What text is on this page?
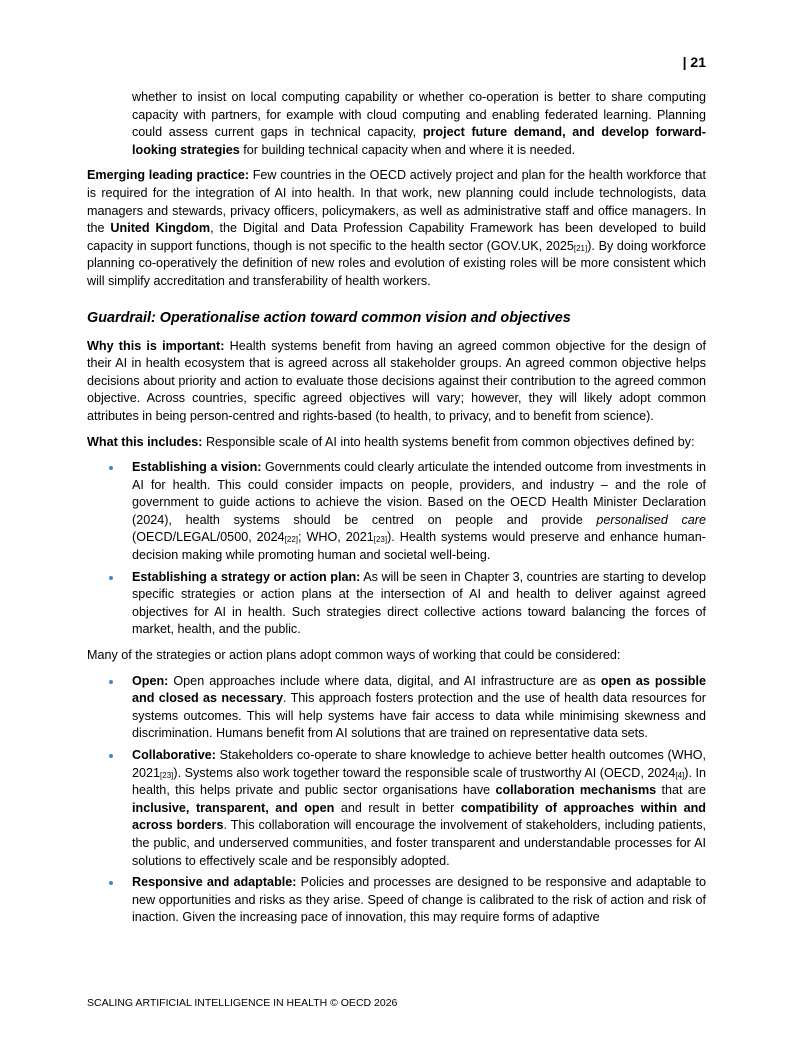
| 21

whether to insist on local computing capability or whether co-operation is better to share computing capacity with partners, for example with cloud computing and enabling federated learning. Planning could assess current gaps in technical capacity, project future demand, and develop forward-looking strategies for building technical capacity when and where it is needed.

Emerging leading practice: Few countries in the OECD actively project and plan for the health workforce that is required for the integration of AI into health. In that work, new planning could include technologists, data managers and stewards, privacy officers, policymakers, as well as administrative staff and office managers. In the United Kingdom, the Digital and Data Profession Capability Framework has been developed to build capacity in support functions, though is not specific to the health sector (GOV.UK, $2025_{[21]}$). By doing workforce planning co-operatively the definition of new roles and evolution of existing roles will be more consistent which will simplify accreditation and transferability of health workers.

Guardrail: Operationalise action toward common vision and objectives

Why this is important: Health systems benefit from having an agreed common objective for the design of their AI in health ecosystem that is agreed across all stakeholder groups. An agreed common objective helps decisions about priority and action to evaluate those decisions against their contribution to the agreed common objective. Across countries, specific agreed objectives will vary; however, they will likely adopt common attributes in being person-centred and rights-based (to health, to privacy, and to benefit from science).

What this includes: Responsible scale of AI into health systems benefit from common objectives defined by:

Establishing a vision: Governments could clearly articulate the intended outcome from investments in AI for health. This could consider impacts on people, providers, and industry – and the role of government to guide actions to achieve the vision. Based on the OECD Health Minister Declaration (2024), health systems should be centred on people and provide personalised care (OECD/LEGAL/0500, $2024_{[22]}$; WHO, $2021_{[23]}$). Health systems would preserve and enhance human-decision making while promoting human and societal well-being.
Establishing a strategy or action plan: As will be seen in Chapter 3, countries are starting to develop specific strategies or action plans at the intersection of AI and health to deliver against agreed objectives for AI in health. Such strategies direct collective actions toward balancing the forces of market, health, and the public.

Many of the strategies or action plans adopt common ways of working that could be considered:

Open: Open approaches include where data, digital, and AI infrastructure are as open as possible and closed as necessary. This approach fosters protection and the use of health data resources for systems outcomes. This will help systems have fair access to data while minimising skewness and discrimination. Humans benefit from AI solutions that are trained on representative data sets.
Collaborative: Stakeholders co-operate to share knowledge to achieve better health outcomes (WHO, $2021_{[23]}$). Systems also work together toward the responsible scale of trustworthy AI (OECD, $2024_{[4]}$). In health, this helps private and public sector organisations have collaboration mechanisms that are inclusive, transparent, and open and result in better compatibility of approaches within and across borders. This collaboration will encourage the involvement of stakeholders, including patients, the public, and underserved communities, and foster transparent and understandable processes for AI solutions to effectively scale and be responsibly adopted.
Responsive and adaptable: Policies and processes are designed to be responsive and adaptable to new opportunities and risks as they arise. Speed of change is calibrated to the risk of action and risk of inaction. Given the increasing pace of innovation, this may require forms of adaptive
SCALING ARTIFICIAL INTELLIGENCE IN HEALTH © OECD 2026
